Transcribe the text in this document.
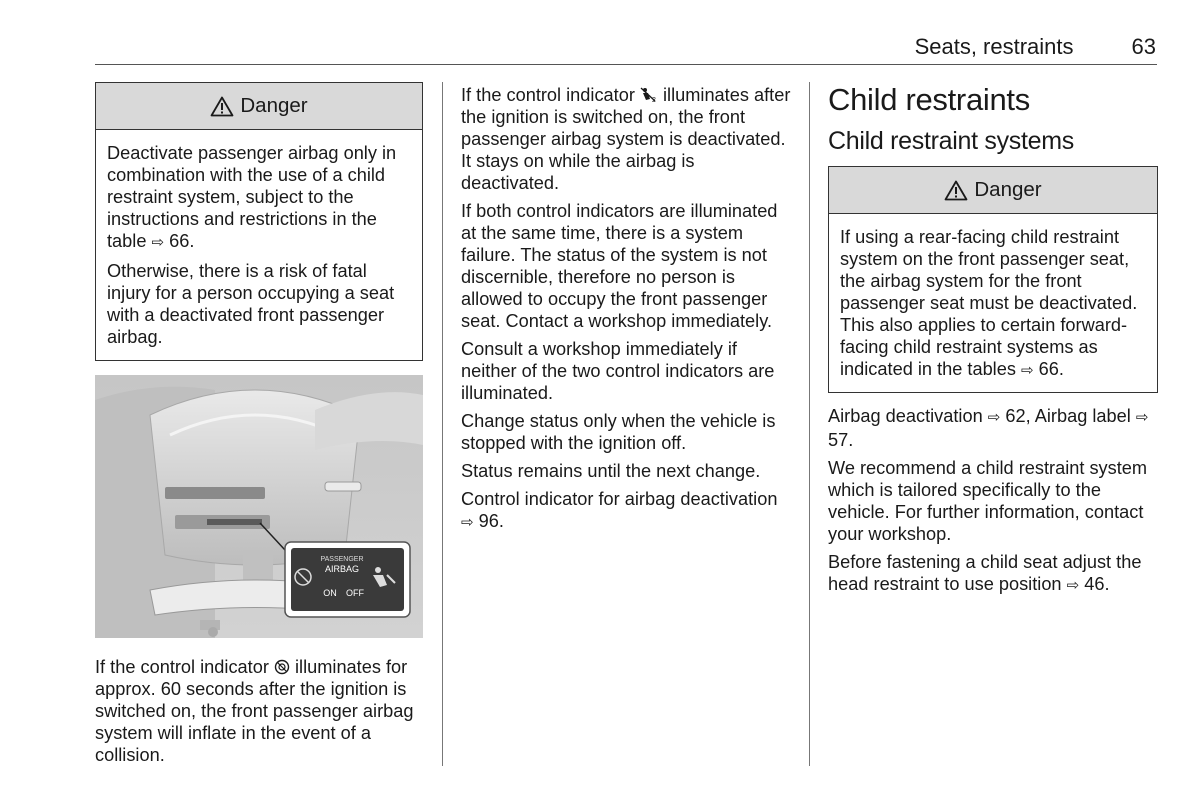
Seats, restraints	63
Danger

Deactivate passenger airbag only in combination with the use of a child restraint system, subject to the instructions and restrictions in the table ⇨ 66.

Otherwise, there is a risk of fatal injury for a person occupying a seat with a deactivated front passenger airbag.

PASSENGER
AIRBAG
ON OFF

If the control indicator illuminates for approx. 60 seconds after the ignition is switched on, the front passenger airbag system will inflate in the event of a collision.

If the control indicator 2 illuminates after the ignition is switched on, the front passenger airbag system is deactivated. It stays on while the airbag is deactivated.

If both control indicators are illuminated at the same time, there is a system failure. The status of the system is not discernible, therefore no person is allowed to occupy the front passenger seat. Contact a workshop immediately.

Consult a workshop immediately if neither of the two control indicators are illuminated.

Change status only when the vehicle is stopped with the ignition off.

Status remains until the next change.

Control indicator for airbag deactivation ⇨ 96.

Child restraints
Child restraint systems
Danger

If using a rear-facing child restraint system on the front passenger seat, the airbag system for the front passenger seat must be deactivated. This also applies to certain forward-facing child restraint systems as indicated in the tables ⇨ 66.

Airbag deactivation ⇨ 62, Airbag label ⇨ 57.

We recommend a child restraint system which is tailored specifically to the vehicle. For further information, contact your workshop.

Before fastening a child seat adjust the head restraint to use position ⇨ 46.
